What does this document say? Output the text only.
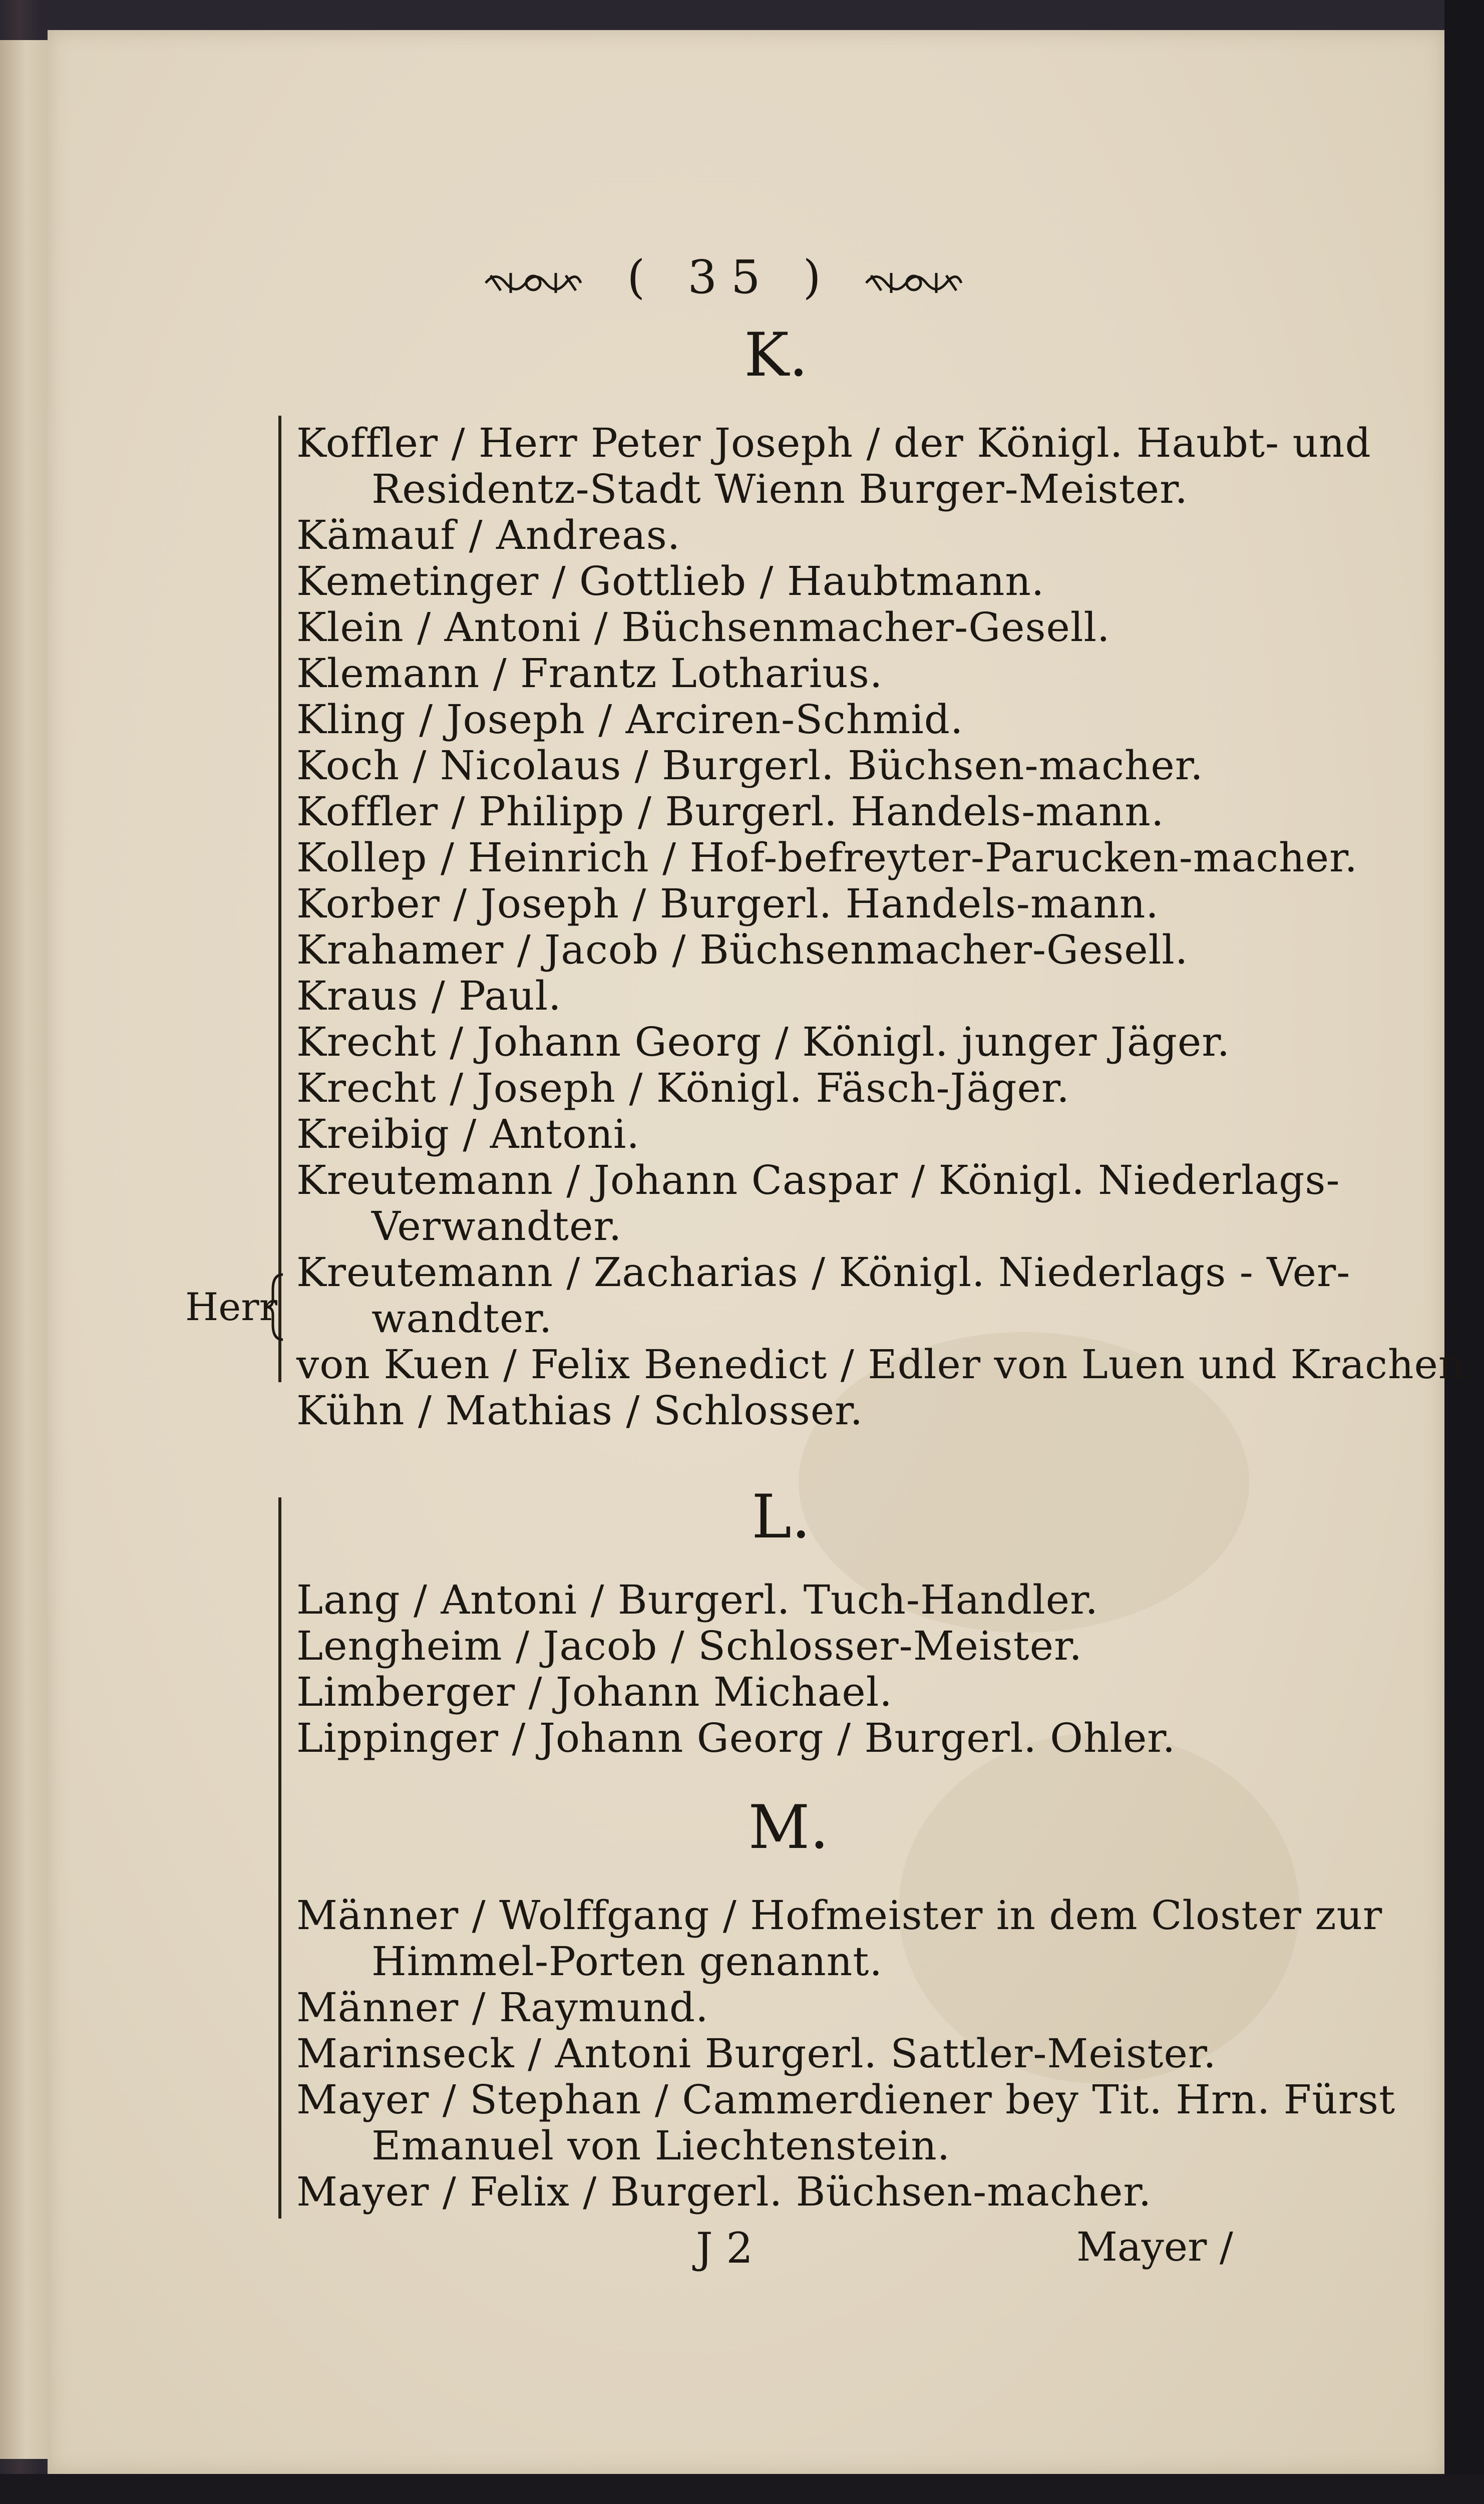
( 35 )
Herr
K.
Koffler / Herr Peter Joseph / der Königl. Haubt- und
Residentz-Stadt Wienn Burger-Meister.
Kämauf / Andreas.
Kemetinger / Gottlieb / Haubtmann.
Klein / Antoni / Büchsenmacher-Gesell.
Klemann / Frantz Lotharius.
Kling / Joseph / Arciren-Schmid.
Koch / Nicolaus / Burgerl. Büchsen-macher.
Koffler / Philipp / Burgerl. Handels-mann.
Kollep / Heinrich / Hof-befreyter-Parucken-macher.
Korber / Joseph / Burgerl. Handels-mann.
Krahamer / Jacob / Büchsenmacher-Gesell.
Kraus / Paul.
Krecht / Johann Georg / Königl. junger Jäger.
Krecht / Joseph / Königl. Fäsch-Jäger.
Kreibig / Antoni.
Kreutemann / Johann Caspar / Königl. Niederlags-
Verwandter.
Kreutemann / Zacharias / Königl. Niederlags - Ver-
wandter.
von Kuen / Felix Benedict / Edler von Luen und Krachen.
Kühn / Mathias / Schlosser.
L.
Lang / Antoni / Burgerl. Tuch-Handler.
Lengheim / Jacob / Schlosser-Meister.
Limberger / Johann Michael.
Lippinger / Johann Georg / Burgerl. Ohler.
M.
Männer / Wolffgang / Hofmeister in dem Closter zur
Himmel-Porten genannt.
Männer / Raymund.
Marinseck / Antoni Burgerl. Sattler-Meister.
Mayer / Stephan / Cammerdiener bey Tit. Hrn. Fürst
Emanuel von Liechtenstein.
Mayer / Felix / Burgerl. Büchsen-macher.
J 2	Mayer /
